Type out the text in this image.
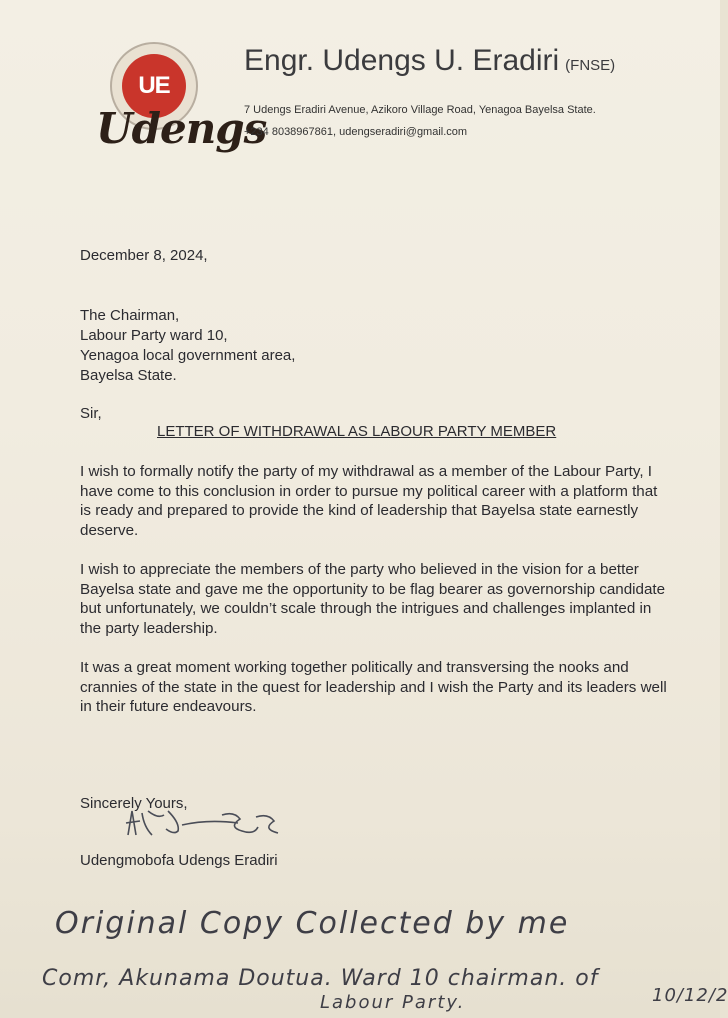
UE
Udengs
Engr. Udengs U. Eradiri (FNSE)
7 Udengs Eradiri Avenue, Azikoro Village Road, Yenagoa Bayelsa State.
+234 8038967861, udengseradiri@gmail.com
December 8, 2024,
The Chairman,
Labour Party ward 10,
Yenagoa local government area,
Bayelsa State.
Sir,
LETTER OF WITHDRAWAL AS LABOUR PARTY MEMBER
I wish to formally notify the party of my withdrawal as a member of the Labour Party, I have come to this conclusion in order to pursue my political career with a platform that is ready and prepared to provide the kind of leadership that Bayelsa state earnestly deserve.
I wish to appreciate the members of the party who believed in the vision for a better Bayelsa state and gave me the opportunity to be flag bearer as governorship candidate but unfortunately, we couldn’t scale through the intrigues and challenges implanted in the party leadership.
It was a great moment working together politically and transversing the nooks and crannies of the state in the quest for leadership and I wish the Party and its leaders well in their future endeavours.
Sincerely Yours,
Udengmobofa Udengs Eradiri
Original Copy Collected by me
Comr, Akunama Doutua. Ward 10 chairman. of
Labour Party.	10/12/2
